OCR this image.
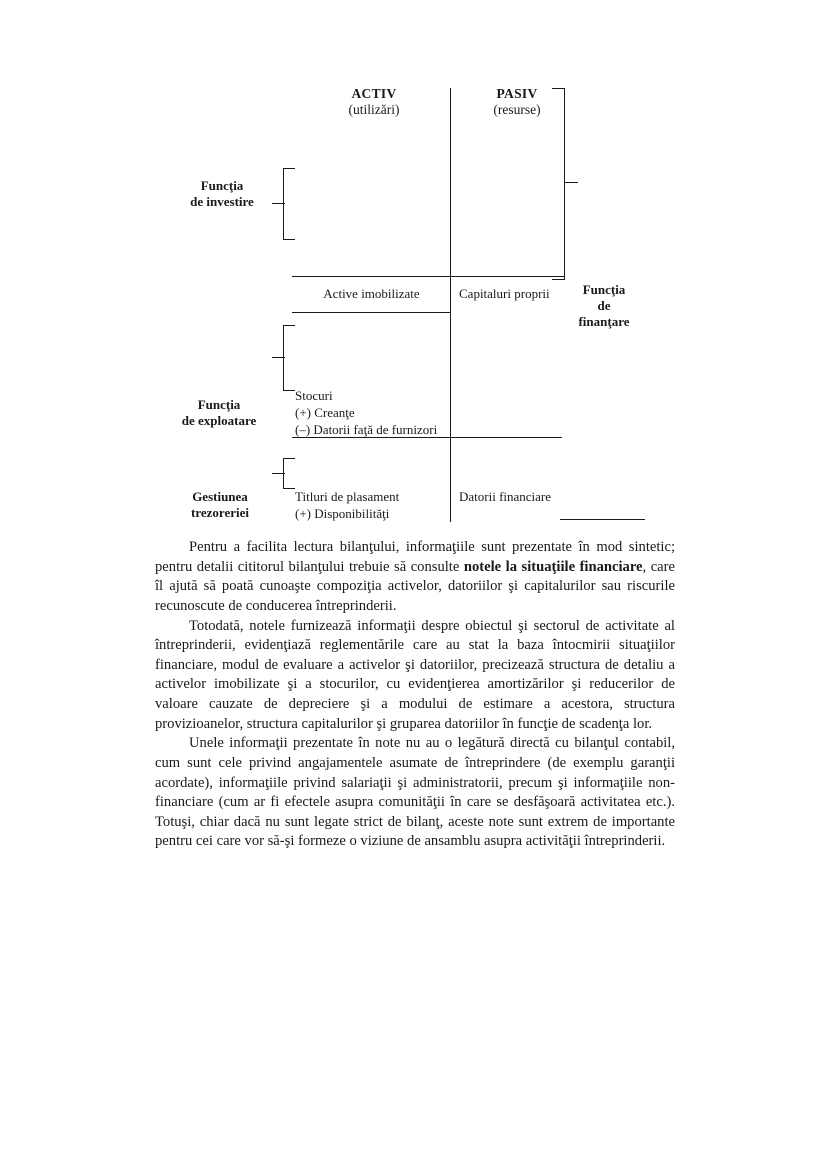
ACTIV
(utilizări)
PASIV
(resurse)
Funcţia
de investire
Funcţia
de
finanţare
Active imobilizate	Capitaluri proprii
Funcţia
de exploatare
Stocuri
(+) Creanţe
(–) Datorii faţă de furnizori
Gestiunea
trezoreriei
Titluri de plasament
(+) Disponibilităţi
Datorii financiare

Pentru a facilita lectura bilanţului, informaţiile sunt prezentate în mod sintetic; pentru detalii cititorul bilanţului trebuie să consulte notele la situaţiile financiare, care îl ajută să poată cunoaşte compoziţia activelor, datoriilor şi capitalurilor sau riscurile recunoscute de conducerea întreprinderii.

Totodată, notele furnizează informaţii despre obiectul şi sectorul de activitate al întreprinderii, evidenţiază reglementările care au stat la baza întocmirii situaţiilor financiare, modul de evaluare a activelor şi datoriilor, precizează structura de detaliu a activelor imobilizate şi a stocurilor, cu evidenţierea amortizărilor şi reducerilor de valoare cauzate de depreciere şi a modului de estimare a acestora, structura provizioanelor, structura capitalurilor şi gruparea datoriilor în funcţie de scadenţa lor.

Unele informaţii prezentate în note nu au o legătură directă cu bilanţul contabil, cum sunt cele privind angajamentele asumate de întreprindere (de exemplu garanţii acordate), informaţiile privind salariaţii şi administratorii, precum şi informaţiile non-financiare (cum ar fi efectele asupra comunităţii în care se desfăşoară activitatea etc.). Totuşi, chiar dacă nu sunt legate strict de bilanţ, aceste note sunt extrem de importante pentru cei care vor să-şi formeze o viziune de ansamblu asupra activităţii întreprinderii.
